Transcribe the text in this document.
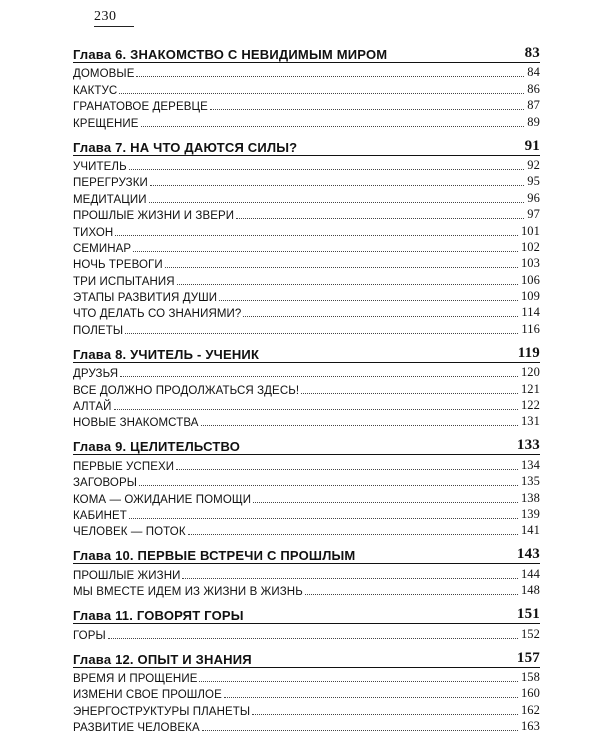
230
Глава 6. ЗНАКОМСТВО С НЕВИДИМЫМ МИРОМ	83
ДОМОВЫЕ	84
КАКТУС	86
ГРАНАТОВОЕ ДЕРЕВЦЕ	87
КРЕЩЕНИЕ	89
Глава 7. НА ЧТО ДАЮТСЯ СИЛЫ?	91
УЧИТЕЛЬ	92
ПЕРЕГРУЗКИ	95
МЕДИТАЦИИ	96
ПРОШЛЫЕ ЖИЗНИ И ЗВЕРИ	97
ТИХОН	101
СЕМИНАР	102
НОЧЬ ТРЕВОГИ	103
ТРИ ИСПЫТАНИЯ	106
ЭТАПЫ РАЗВИТИЯ ДУШИ	109
ЧТО ДЕЛАТЬ СО ЗНАНИЯМИ?	114
ПОЛЕТЫ	116
Глава 8. УЧИТЕЛЬ - УЧЕНИК	119
ДРУЗЬЯ	120
ВСЕ ДОЛЖНО ПРОДОЛЖАТЬСЯ ЗДЕСЬ!	121
АЛТАЙ	122
НОВЫЕ ЗНАКОМСТВА	131
Глава 9. ЦЕЛИТЕЛЬСТВО	133
ПЕРВЫЕ УСПЕХИ	134
ЗАГОВОРЫ	135
КОМА — ОЖИДАНИЕ ПОМОЩИ	138
КАБИНЕТ	139
ЧЕЛОВЕК — ПОТОК	141
Глава 10. ПЕРВЫЕ ВСТРЕЧИ С ПРОШЛЫМ	143
ПРОШЛЫЕ ЖИЗНИ	144
МЫ ВМЕСТЕ ИДЕМ ИЗ ЖИЗНИ В ЖИЗНЬ	148
Глава 11. ГОВОРЯТ ГОРЫ	151
ГОРЫ	152
Глава 12. ОПЫТ И ЗНАНИЯ	157
ВРЕМЯ И ПРОЩЕНИЕ	158
ИЗМЕНИ СВОЕ ПРОШЛОЕ	160
ЭНЕРГОСТРУКТУРЫ ПЛАНЕТЫ	162
РАЗВИТИЕ ЧЕЛОВЕКА	163
